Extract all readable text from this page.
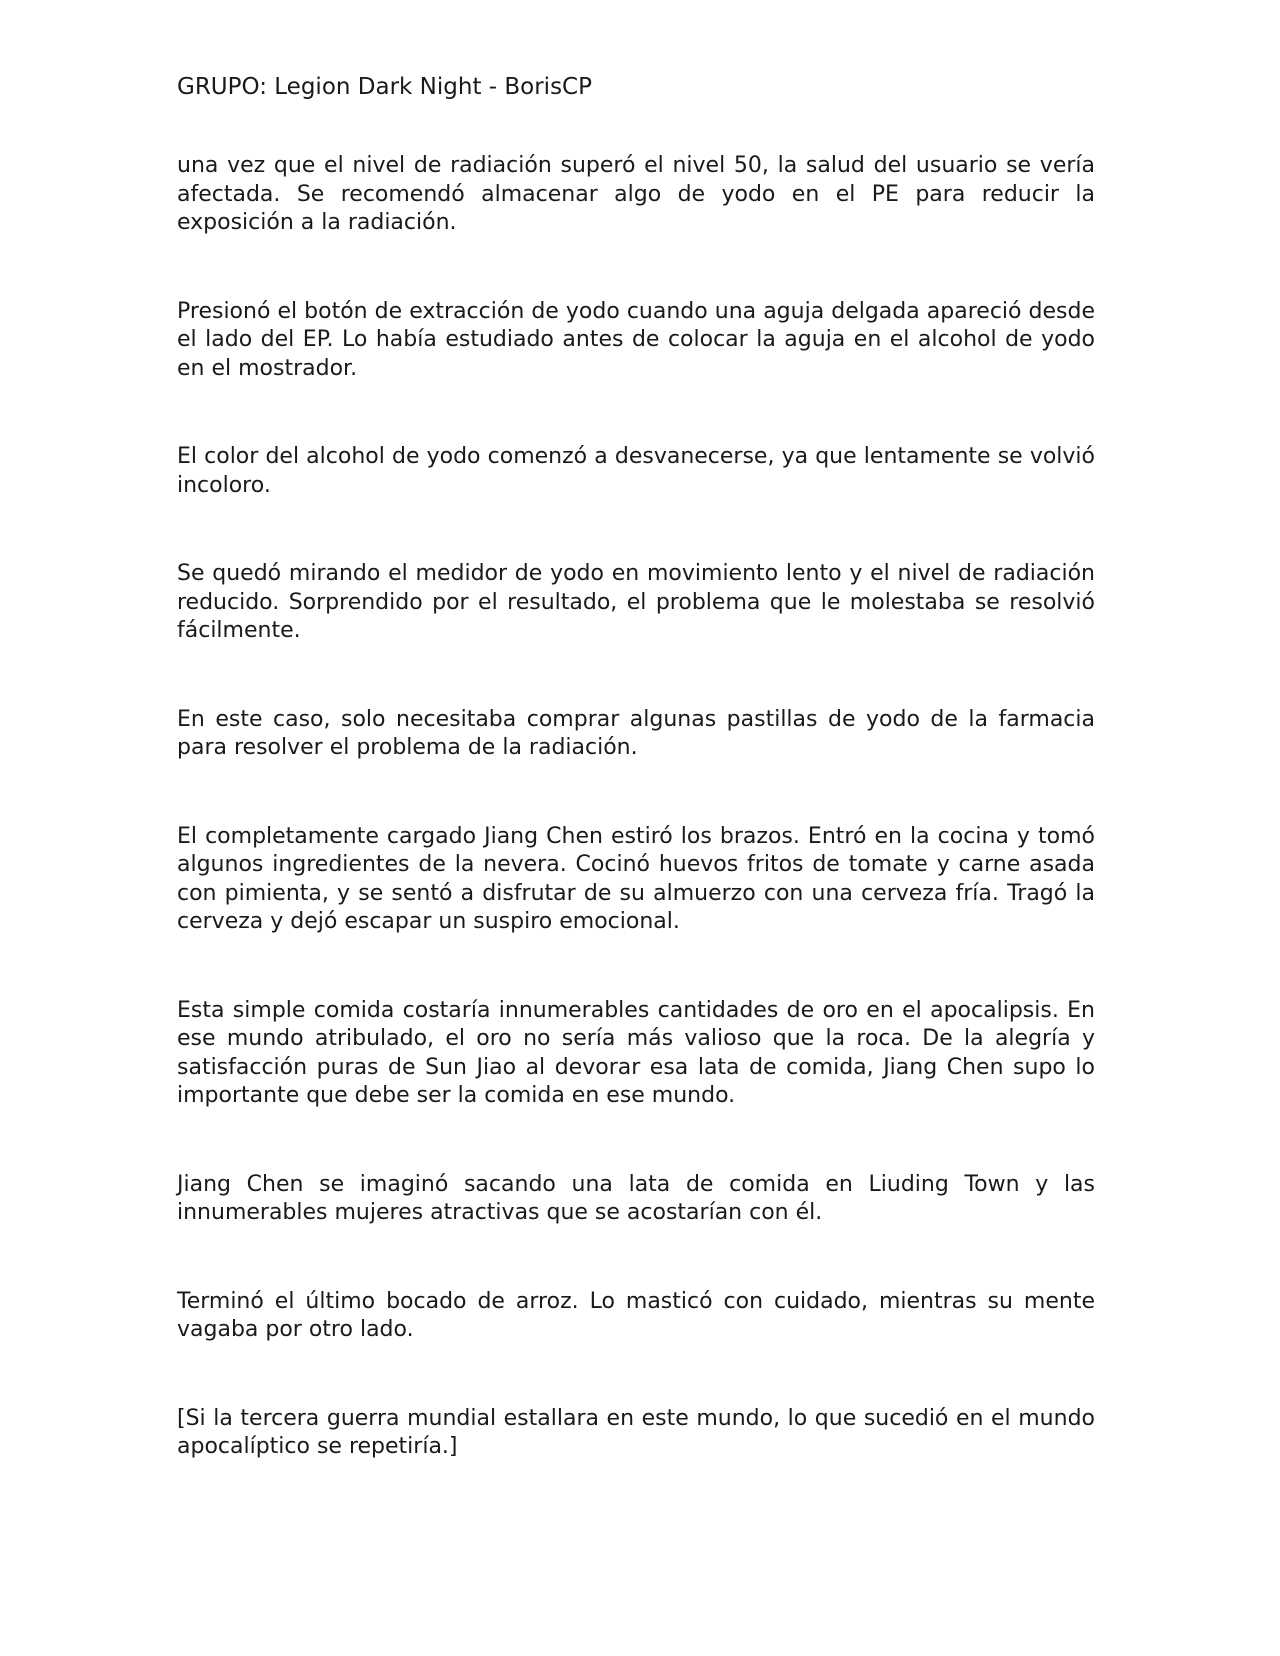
GRUPO: Legion Dark Night - BorisCP

una vez que el nivel de radiación superó el nivel 50, la salud del usuario se vería afectada. Se recomendó almacenar algo de yodo en el PE para reducir la exposición a la radiación.

Presionó el botón de extracción de yodo cuando una aguja delgada apareció desde el lado del EP. Lo había estudiado antes de colocar la aguja en el alcohol de yodo en el mostrador.

El color del alcohol de yodo comenzó a desvanecerse, ya que lentamente se volvió incoloro.

Se quedó mirando el medidor de yodo en movimiento lento y el nivel de radiación reducido. Sorprendido por el resultado, el problema que le molestaba se resolvió fácilmente.

En este caso, solo necesitaba comprar algunas pastillas de yodo de la farmacia para resolver el problema de la radiación.

El completamente cargado Jiang Chen estiró los brazos. Entró en la cocina y tomó algunos ingredientes de la nevera. Cocinó huevos fritos de tomate y carne asada con pimienta, y se sentó a disfrutar de su almuerzo con una cerveza fría. Tragó la cerveza y dejó escapar un suspiro emocional.

Esta simple comida costaría innumerables cantidades de oro en el apocalipsis. En ese mundo atribulado, el oro no sería más valioso que la roca. De la alegría y satisfacción puras de Sun Jiao al devorar esa lata de comida, Jiang Chen supo lo importante que debe ser la comida en ese mundo.

Jiang Chen se imaginó sacando una lata de comida en Liuding Town y las innumerables mujeres atractivas que se acostarían con él.

Terminó el último bocado de arroz. Lo masticó con cuidado, mientras su mente vagaba por otro lado.

[Si la tercera guerra mundial estallara en este mundo, lo que sucedió en el mundo apocalíptico se repetiría.]
